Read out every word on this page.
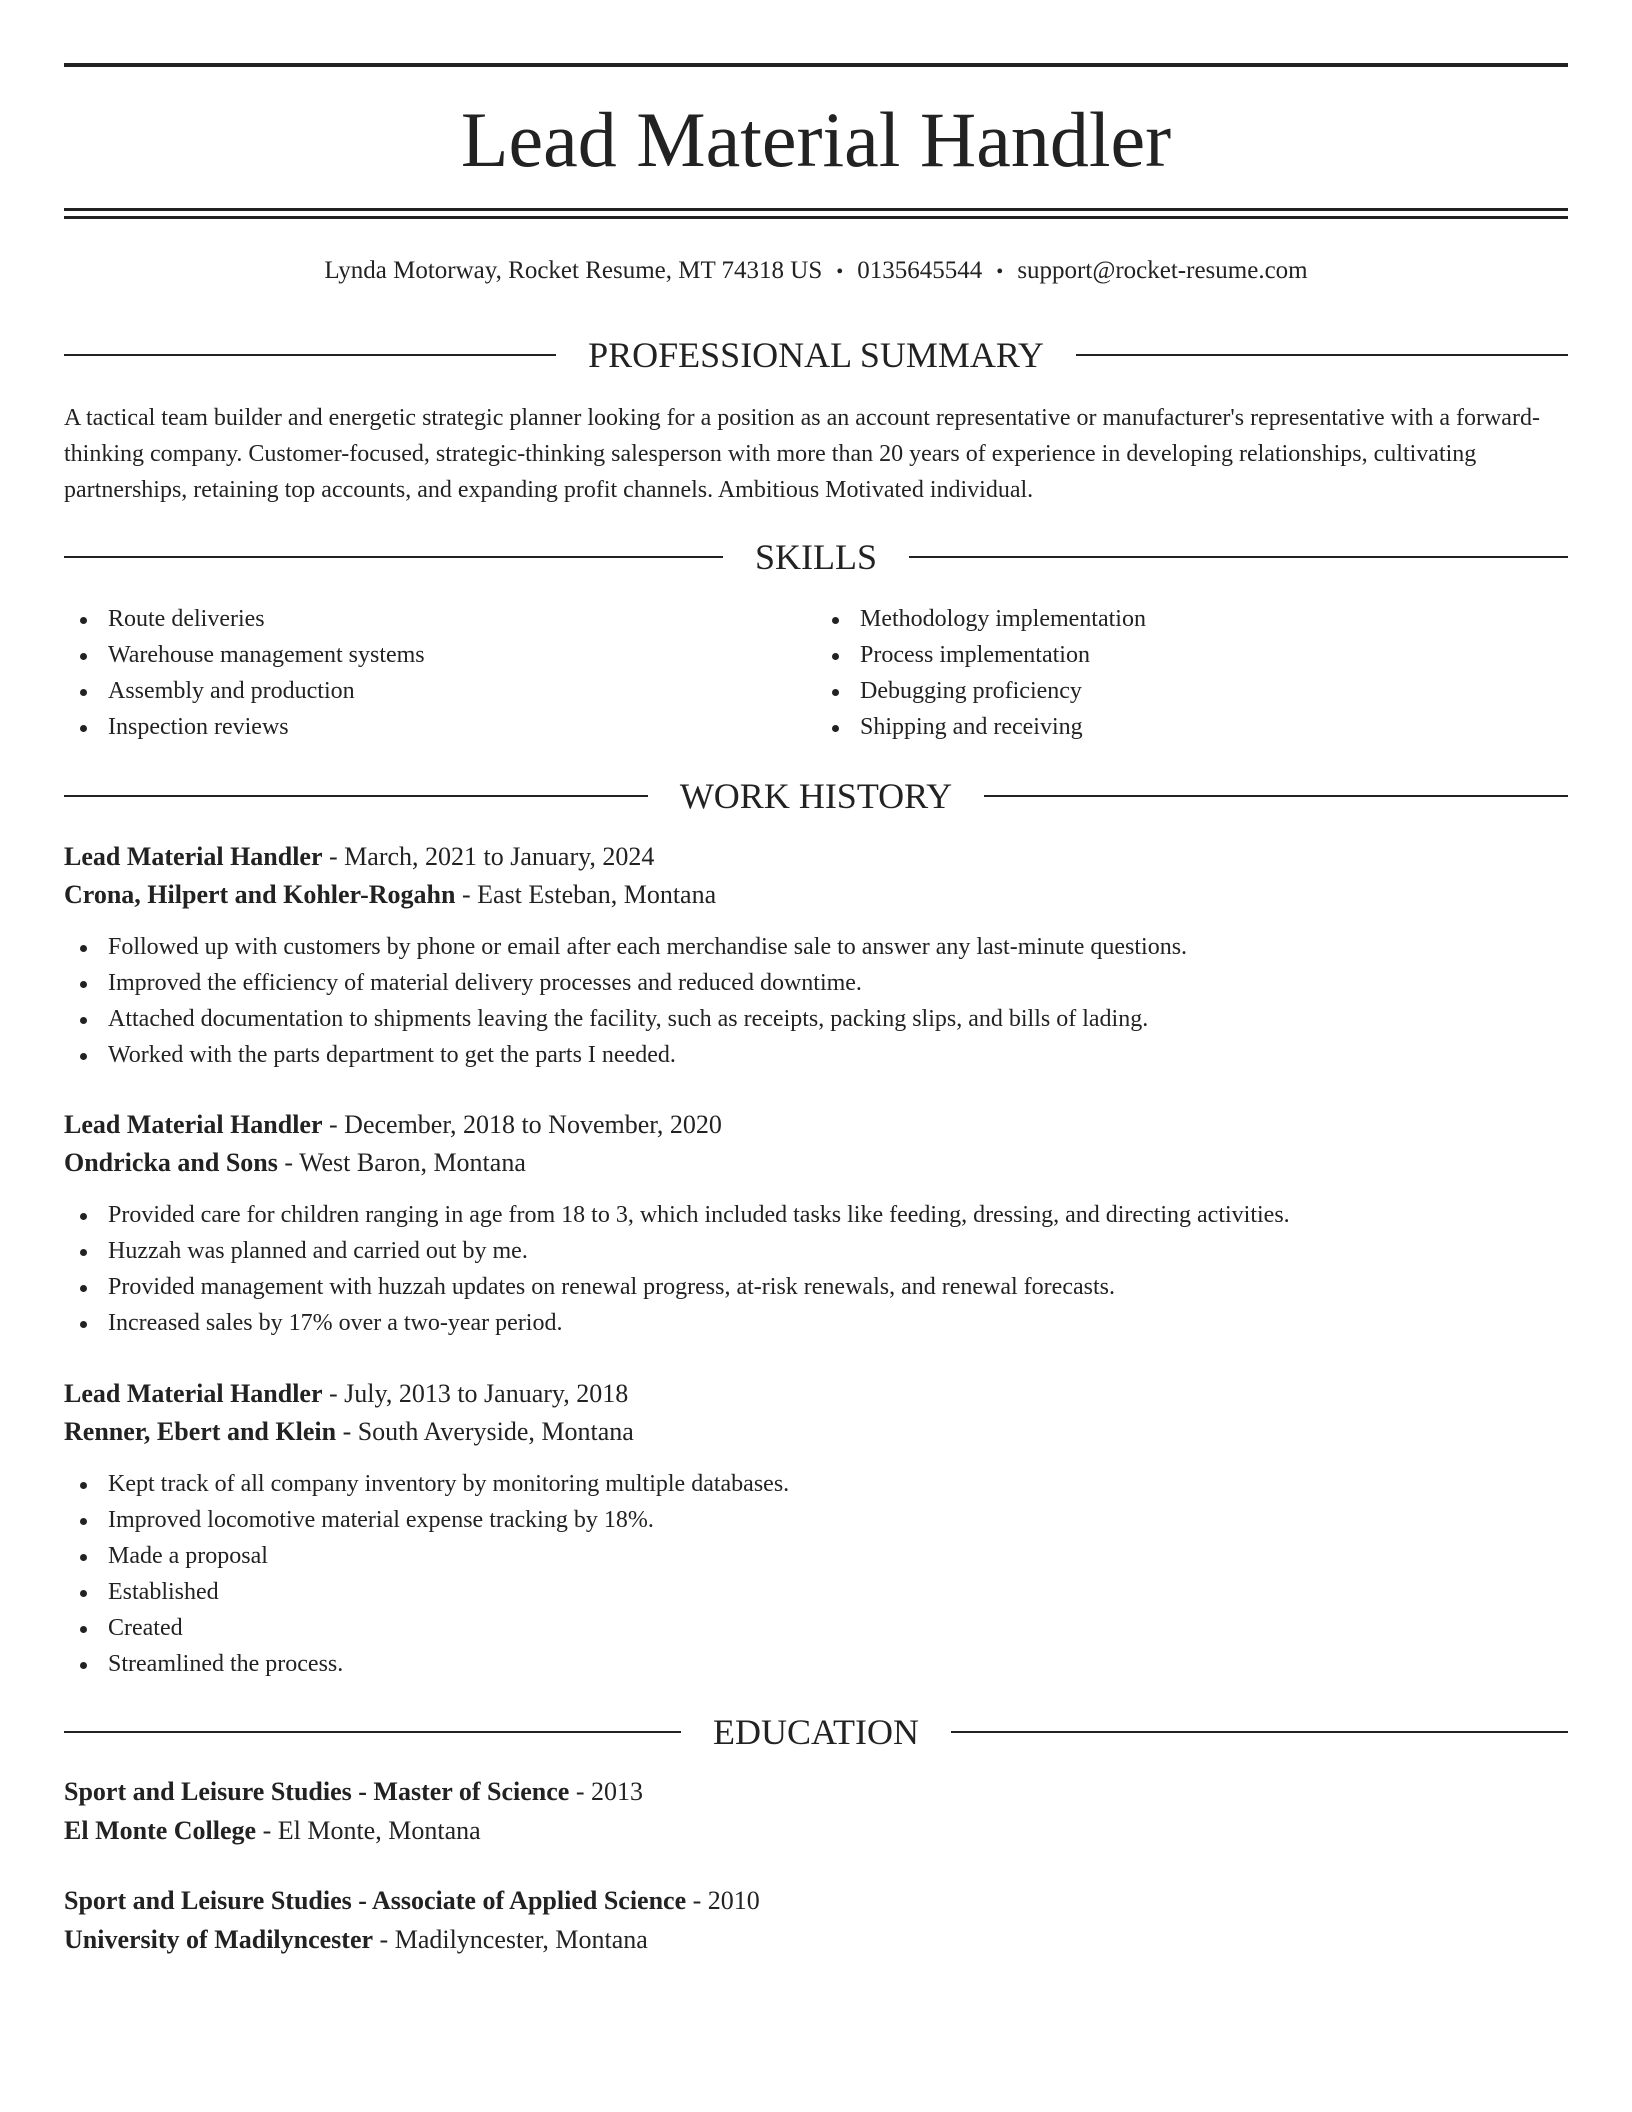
Lead Material Handler
Lynda Motorway, Rocket Resume, MT 74318 US • 0135645544 • support@rocket-resume.com
PROFESSIONAL SUMMARY

A tactical team builder and energetic strategic planner looking for a position as an account representative or manufacturer's representative with a forward-thinking company. Customer-focused, strategic-thinking salesperson with more than 20 years of experience in developing relationships, cultivating partnerships, retaining top accounts, and expanding profit channels. Ambitious Motivated individual.

SKILLS
Route deliveries
Warehouse management systems
Assembly and production
Inspection reviews
Methodology implementation
Process implementation
Debugging proficiency
Shipping and receiving
WORK HISTORY
Lead Material Handler - March, 2021 to January, 2024
Crona, Hilpert and Kohler-Rogahn - East Esteban, Montana
Followed up with customers by phone or email after each merchandise sale to answer any last-minute questions.
Improved the efficiency of material delivery processes and reduced downtime.
Attached documentation to shipments leaving the facility, such as receipts, packing slips, and bills of lading.
Worked with the parts department to get the parts I needed.
Lead Material Handler - December, 2018 to November, 2020
Ondricka and Sons - West Baron, Montana
Provided care for children ranging in age from 18 to 3, which included tasks like feeding, dressing, and directing activities.
Huzzah was planned and carried out by me.
Provided management with huzzah updates on renewal progress, at-risk renewals, and renewal forecasts.
Increased sales by 17% over a two-year period.
Lead Material Handler - July, 2013 to January, 2018
Renner, Ebert and Klein - South Averyside, Montana
Kept track of all company inventory by monitoring multiple databases.
Improved locomotive material expense tracking by 18%.
Made a proposal
Established
Created
Streamlined the process.
EDUCATION
Sport and Leisure Studies - Master of Science - 2013
El Monte College - El Monte, Montana
Sport and Leisure Studies - Associate of Applied Science - 2010
University of Madilyncester - Madilyncester, Montana
